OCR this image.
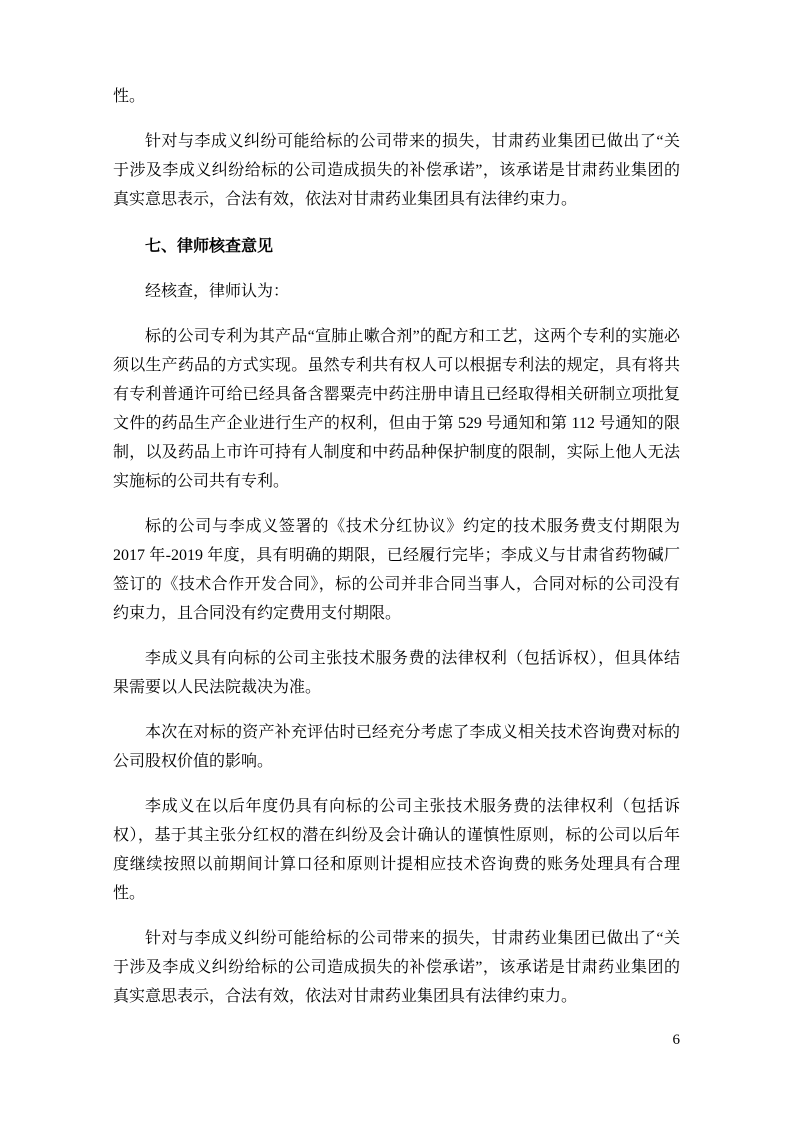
性。

针对与李成义纠纷可能给标的公司带来的损失，甘肃药业集团已做出了“关于涉及李成义纠纷给标的公司造成损失的补偿承诺”，该承诺是甘肃药业集团的真实意思表示，合法有效，依法对甘肃药业集团具有法律约束力。

七、律师核查意见

经核查，律师认为：

标的公司专利为其产品“宣肺止嗽合剂”的配方和工艺，这两个专利的实施必须以生产药品的方式实现。虽然专利共有权人可以根据专利法的规定，具有将共有专利普通许可给已经具备含罂粟壳中药注册申请且已经取得相关研制立项批复文件的药品生产企业进行生产的权利，但由于第 529 号通知和第 112 号通知的限制，以及药品上市许可持有人制度和中药品种保护制度的限制，实际上他人无法实施标的公司共有专利。

标的公司与李成义签署的《技术分红协议》约定的技术服务费支付期限为 2017 年-2019 年度，具有明确的期限，已经履行完毕；李成义与甘肃省药物碱厂签订的《技术合作开发合同》，标的公司并非合同当事人，合同对标的公司没有约束力，且合同没有约定费用支付期限。

李成义具有向标的公司主张技术服务费的法律权利（包括诉权），但具体结果需要以人民法院裁决为准。

本次在对标的资产补充评估时已经充分考虑了李成义相关技术咨询费对标的公司股权价值的影响。

李成义在以后年度仍具有向标的公司主张技术服务费的法律权利（包括诉权），基于其主张分红权的潜在纠纷及会计确认的谨慎性原则，标的公司以后年度继续按照以前期间计算口径和原则计提相应技术咨询费的账务处理具有合理性。

针对与李成义纠纷可能给标的公司带来的损失，甘肃药业集团已做出了“关于涉及李成义纠纷给标的公司造成损失的补偿承诺”，该承诺是甘肃药业集团的真实意思表示，合法有效，依法对甘肃药业集团具有法律约束力。

6
